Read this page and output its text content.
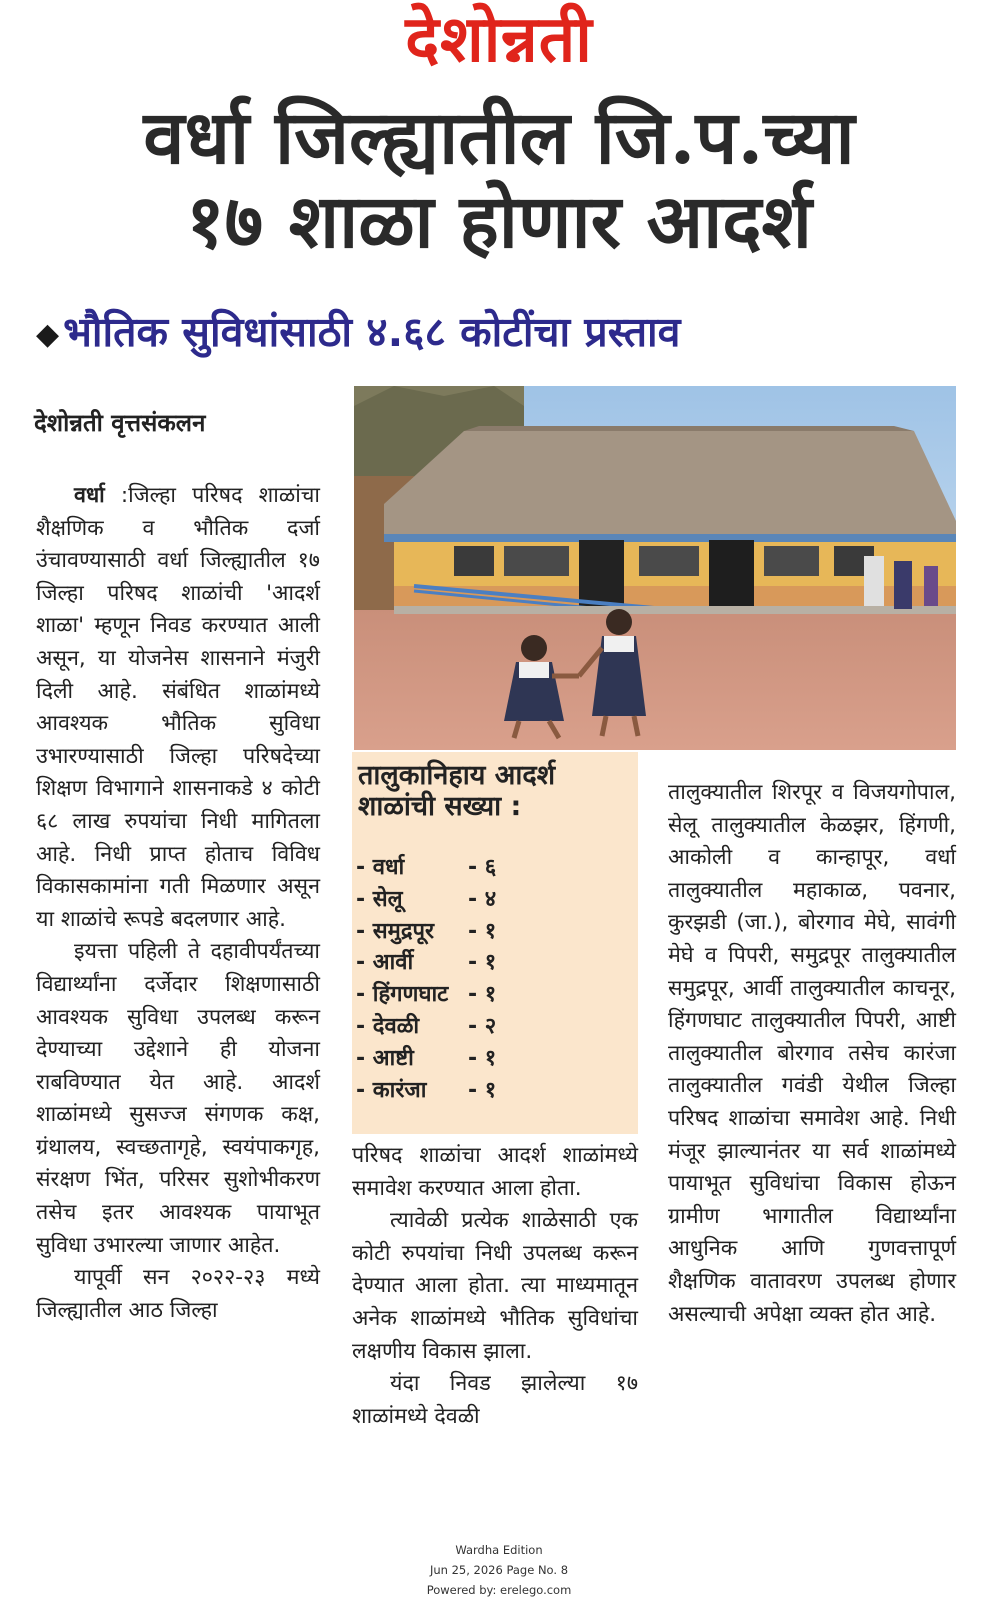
देशोन्नती
वर्धा जिल्ह्यातील जि.प.च्या
१७ शाळा होणार आदर्श
◆भौतिक सुविधांसाठी ४.६८ कोटींचा प्रस्ताव
देशोन्नती वृत्तसंकलन

वर्धा :जिल्हा परिषद शाळांचा शैक्षणिक व भौतिक दर्जा उंचावण्यासाठी वर्धा जिल्ह्यातील १७ जिल्हा परिषद शाळांची 'आदर्श शाळा' म्हणून निवड करण्यात आली असून, या योजनेस शासनाने मंजुरी दिली आहे. संबंधित शाळांमध्ये आवश्यक भौतिक सुविधा उभारण्यासाठी जिल्हा परिषदेच्या शिक्षण विभागाने शासनाकडे ४ कोटी ६८ लाख रुपयांचा निधी मागितला आहे. निधी प्राप्त होताच विविध विकासकामांना गती मिळणार असून या शाळांचे रूपडे बदलणार आहे.

इयत्ता पहिली ते दहावीपर्यंतच्या विद्यार्थ्यांना दर्जेदार शिक्षणासाठी आवश्यक सुविधा उपलब्ध करून देण्याच्या उद्देशाने ही योजना राबविण्यात येत आहे. आदर्श शाळांमध्ये सुसज्ज संगणक कक्ष, ग्रंथालय, स्वच्छतागृहे, स्वयंपाकगृह, संरक्षण भिंत, परिसर सुशोभीकरण तसेच इतर आवश्यक पायाभूत सुविधा उभारल्या जाणार आहेत.

यापूर्वी सन २०२२-२३ मध्ये जिल्ह्यातील आठ जिल्हा

तालुकानिहाय आदर्श शाळांची सख्या :
- वर्धा	- ६
- सेलू	- ४
- समुद्रपूर	- १
- आर्वी	- १
- हिंगणघाट - १
- देवळी	- २
- आष्टी	- १
- कारंजा	- १

परिषद शाळांचा आदर्श शाळांमध्ये समावेश करण्यात आला होता.

त्यावेळी प्रत्येक शाळेसाठी एक कोटी रुपयांचा निधी उपलब्ध करून देण्यात आला होता. त्या माध्यमातून अनेक शाळांमध्ये भौतिक सुविधांचा लक्षणीय विकास झाला.

यंदा निवड झालेल्या १७ शाळांमध्ये देवळी

तालुक्यातील शिरपूर व विजयगोपाल, सेलू तालुक्यातील केळझर, हिंगणी, आकोली व कान्हापूर, वर्धा तालुक्यातील महाकाळ, पवनार, कुरझडी (जा.), बोरगाव मेघे, सावंगी मेघे व पिपरी, समुद्रपूर तालुक्यातील समुद्रपूर, आर्वी तालुक्यातील काचनूर, हिंगणघाट तालुक्यातील पिपरी, आष्टी तालुक्यातील बोरगाव तसेच कारंजा तालुक्यातील गवंडी येथील जिल्हा परिषद शाळांचा समावेश आहे. निधी मंजूर झाल्यानंतर या सर्व शाळांमध्ये पायाभूत सुविधांचा विकास होऊन ग्रामीण भागातील विद्यार्थ्यांना आधुनिक आणि गुणवत्तापूर्ण शैक्षणिक वातावरण उपलब्ध होणार असल्याची अपेक्षा व्यक्त होत आहे.

Wardha Edition
Jun 25, 2026 Page No. 8
Powered by: erelego.com
